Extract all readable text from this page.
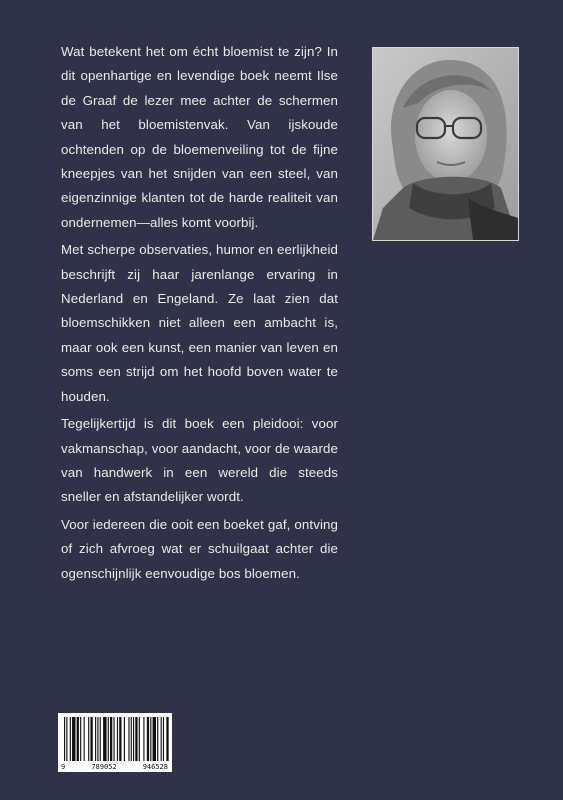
Wat betekent het om écht bloemist te zijn? In dit openhartige en levendige boek neemt Ilse de Graaf de lezer mee achter de schermen van het bloemistenvak. Van ijskoude ochtenden op de bloemenveiling tot de fijne kneepjes van het snijden van een steel, van eigenzinnige klanten tot de harde realiteit van ondernemen—alles komt voorbij.

Met scherpe observaties, humor en eerlijkheid beschrijft zij haar jarenlange ervaring in Nederland en Engeland. Ze laat zien dat bloemschikken niet alleen een ambacht is, maar ook een kunst, een manier van leven en soms een strijd om het hoofd boven water te houden.

Tegelijkertijd is dit boek een pleidooi: voor vakmanschap, voor aandacht, voor de waarde van handwerk in een wereld die steeds sneller en afstandelijker wordt.

Voor iedereen die ooit een boeket gaf, ontving of zich afvroeg wat er schuilgaat achter die ogenschijnlijk eenvoudige bos bloemen.

9	789052	946528
